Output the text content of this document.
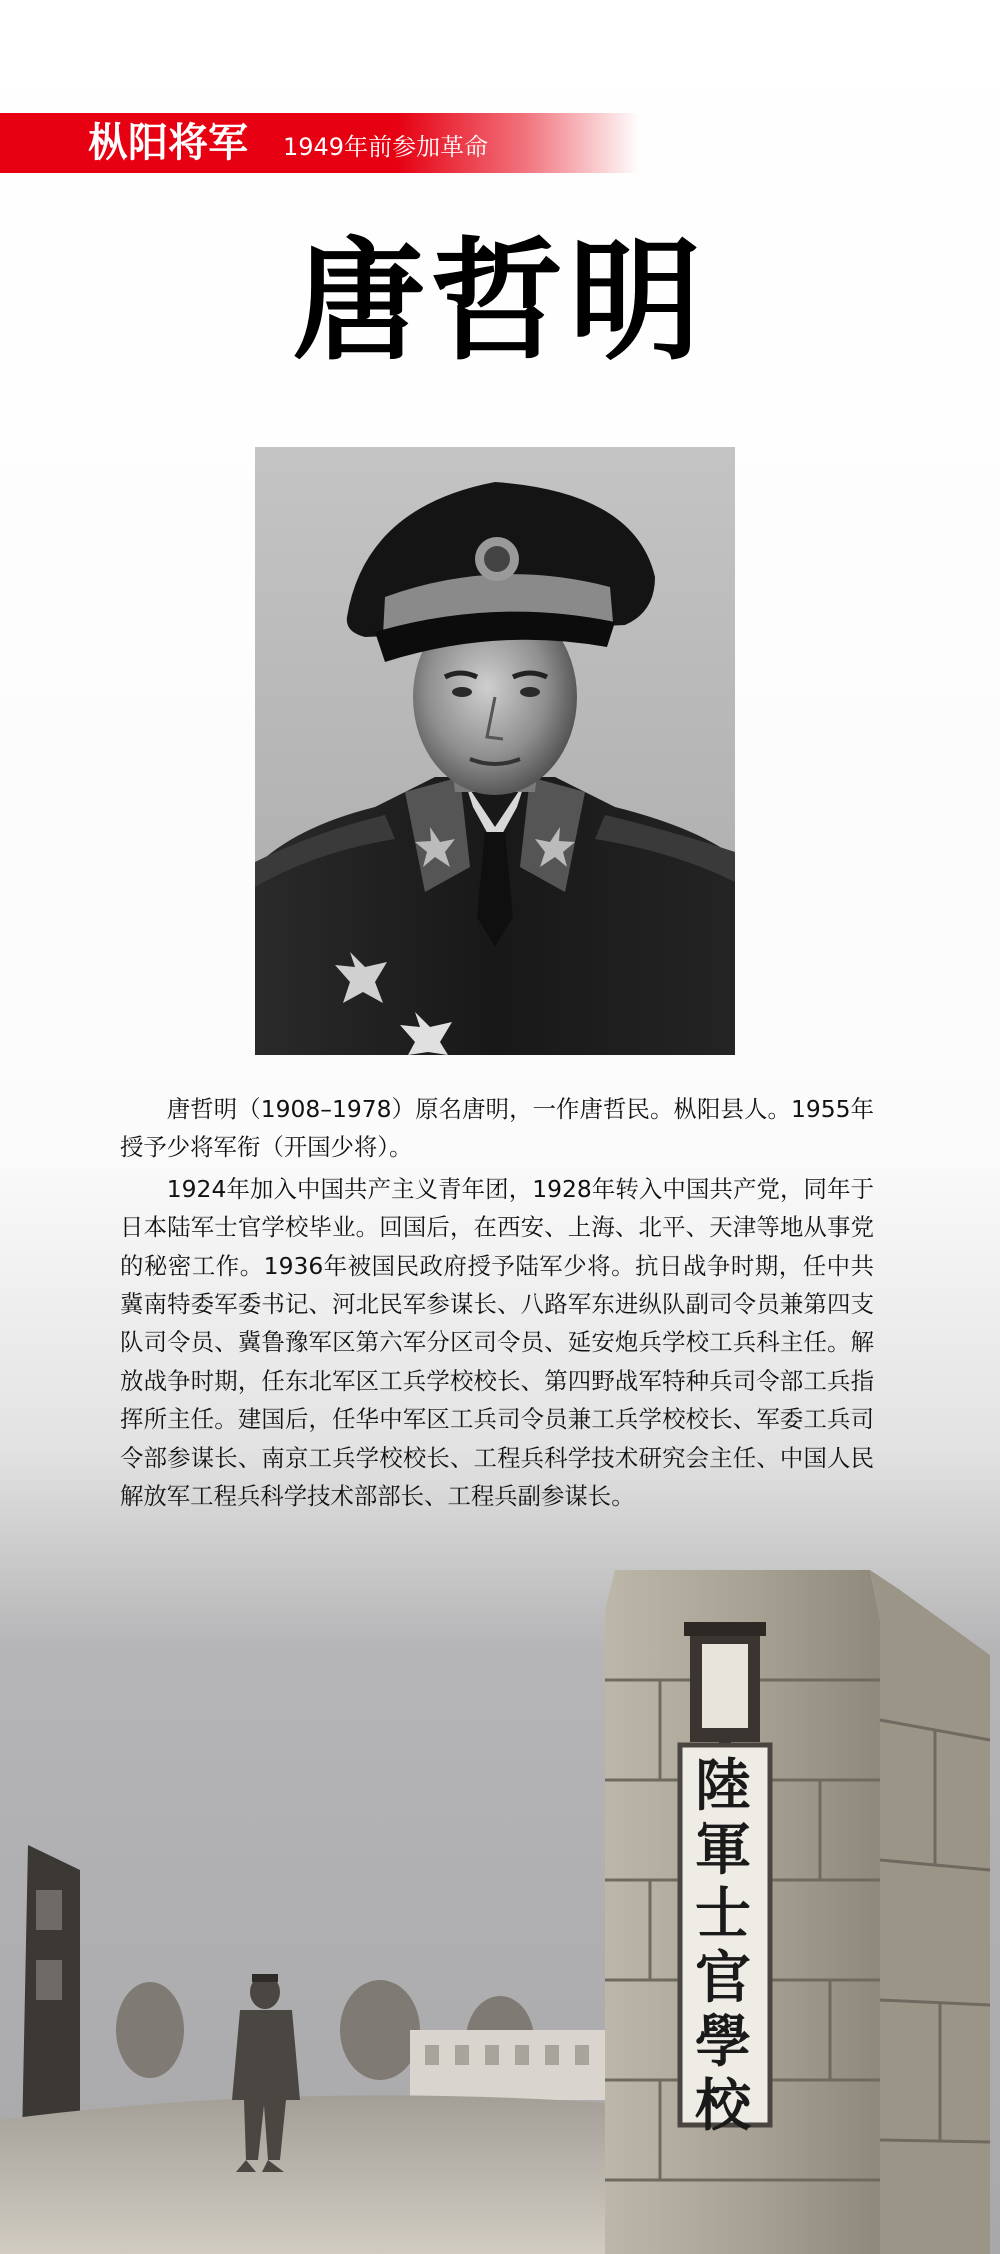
枞阳将军 1949年前参加革命
唐哲明

唐哲明（1908–1978）原名唐明，一作唐哲民。枞阳县人。1955年授予少将军衔（开国少将）。

1924年加入中国共产主义青年团，1928年转入中国共产党，同年于日本陆军士官学校毕业。回国后，在西安、上海、北平、天津等地从事党的秘密工作。1936年被国民政府授予陆军少将。抗日战争时期，任中共冀南特委军委书记、河北民军参谋长、八路军东进纵队副司令员兼第四支队司令员、冀鲁豫军区第六军分区司令员、延安炮兵学校工兵科主任。解放战争时期，任东北军区工兵学校校长、第四野战军特种兵司令部工兵指挥所主任。建国后，任华中军区工兵司令员兼工兵学校校长、军委工兵司令部参谋长、南京工兵学校校长、工程兵科学技术研究会主任、中国人民解放军工程兵科学技术部部长、工程兵副参谋长。

陸軍士官學校
